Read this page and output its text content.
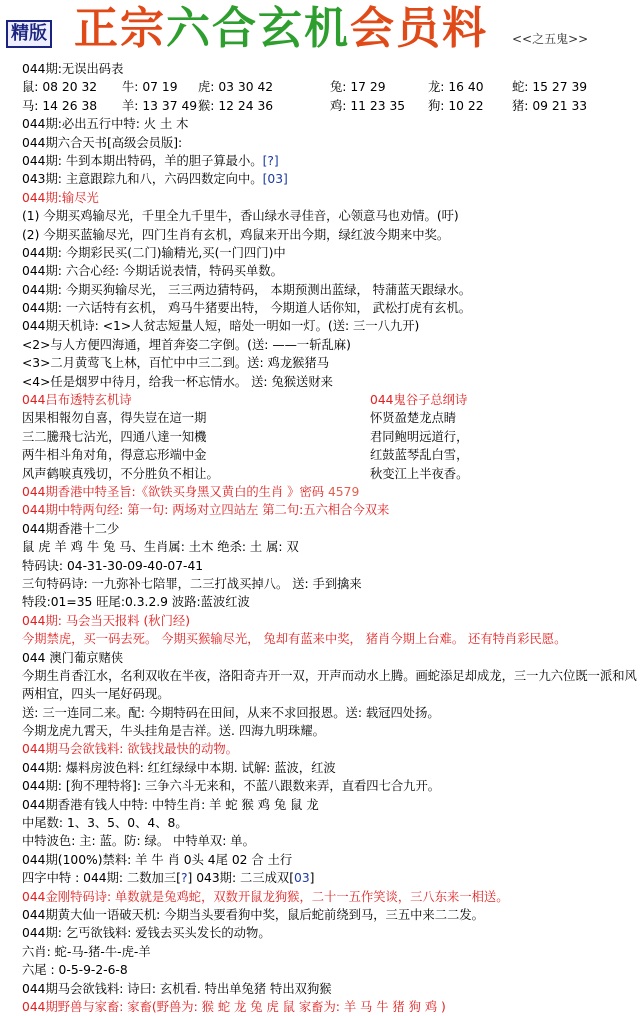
精版 正宗六合玄机会员料 <<之五鬼>>
044期:无误出码表
鼠: 08 20 32	牛: 07 19	虎: 03 30 42	兔: 17 29	龙: 16 40	蛇: 15 27 39
马: 14 26 38	羊: 13 37 49 猴: 12 24 36	鸡: 11 23 35	狗: 10 22	猪: 09 21 33
044期:必出五行中特: 火 土 木
044期六合天书[高级会员版]:
044期: 牛到本期出特码，羊的胆子算最小。[?]
043期: 主意跟踪九和八，六码四数定向中。[03]
044期:输尽光
(1) 今期买鸡输尽光，千里全九千里牛，香山绿水寻佳音，心领意马也劝情。(吁)
(2) 今期买蓝输尽光，四门生肖有玄机，鸡鼠来开出今期，绿红波今期来中奖。
044期: 今期彩民买(二门)输精光,买(一门四门)中
044期: 六合心经: 今期话说表情，特码买单数。
044期: 今期买狗输尽光， 三三两边猜特码， 本期预测出蓝绿， 特蒲蓝天跟绿水。
044期: 一六话特有玄机， 鸡马牛猪要出特， 今期道人话你知， 武松打虎有玄机。
044期天机诗: <1>人贫志短量人短，暗处一明如一灯。(送: 三一八九开)
<2>与人方便四海通，埋首奔姿二字倒。(送: ——一斩乱麻)
<3>二月黄莺飞上林，百忙中中三二到。送: 鸡龙猴猪马
<4>任是烟罗中待月，给我一杯忘情水。 送: 兔猴送财来
044吕布透特玄机诗	044鬼谷子总纲诗
因果相報勿自喜，得失豈在這一期	怀贤盈楚龙点睛
三二騰飛七沾光，四通八達一知機	君同鲍明远道行，
两牛相斗角对角，得意忘形端中金	红鼓蓝琴乱白雪，
风声鹤唳真残切，不分胜负不相让。	秋变江上半夜香。
044期香港中特圣旨:《欲铁买身黑又黄白的生肖 》密码 4579
044期中特两句经: 第一句: 两场对立四站左 第二句:五六相合今双来
044期香港十二少
鼠 虎 羊 鸡 牛 兔 马、生肖属: 土木 绝杀: 土 属: 双
特码诀: 04-31-30-09-40-07-41
三句特码诗: 一九弥补七陪罪，二三打战买掉八。 送: 手到擒来
特段:01=35 旺尾:0.3.2.9 波路:蓝波红波
044期: 马会当天报料 (秋门经)
今期禁虎，买一码去死。 今期买猴输尽光， 兔却有蓝来中奖， 猪肖今期上台难。 还有特肖彩民愿。
044 澳门葡京赌侠
今期生肖香江水，名利双收在半夜，洛阳奇卉开一双，开声而动水上腾。画蛇添足却成龙，三一九六位既一派和风两相宜，四头一尾好码现。
送: 三一连同二来。配: 今期特码在田间，从来不求回报恩。送: 载冠四处扬。
今期龙虎九霄天，牛头挂角是吉祥。送. 四海九明珠耀。
044期马会欲钱料: 欲钱找最快的动物。
044期: 爆料房波色料: 红红绿绿中本期. 试解: 蓝波，红波
044期: [狗不理特将]: 三争六斗无来和，不蓝八跟数来弄，直看四七合九开。
044期香港有钱人中特: 中特生肖: 羊 蛇 猴 鸡 兔 鼠 龙
中尾数: 1、3、5、0、4、8。
中特波色: 主: 蓝。防: 绿。 中特单双: 单。
044期(100%)禁料: 羊 牛 肖 0头 4尾 02 合 土行
四字中特 : 044期: 二数加三[?] 043期: 二三成双[03]
044金刚特码诗: 单数就是兔鸡蛇，双数开鼠龙狗猴，二十一五作笑谈，三八东来一相送。
044期黄大仙一语破天机: 今期当头要看狗中奖，鼠后蛇前绕到马，三五中来二二发。
044期: 乞丐欲钱料: 爱钱去买头发长的动物。
六肖: 蛇-马-猪-牛-虎-羊
六尾 : 0-5-9-2-6-8
044期马会欲钱料: 诗曰: 玄机看. 特出单兔猪 特出双狗猴
044期野兽与家畜: 家畜(野兽为: 猴 蛇 龙 兔 虎 鼠 家畜为: 羊 马 牛 猪 狗 鸡 )
